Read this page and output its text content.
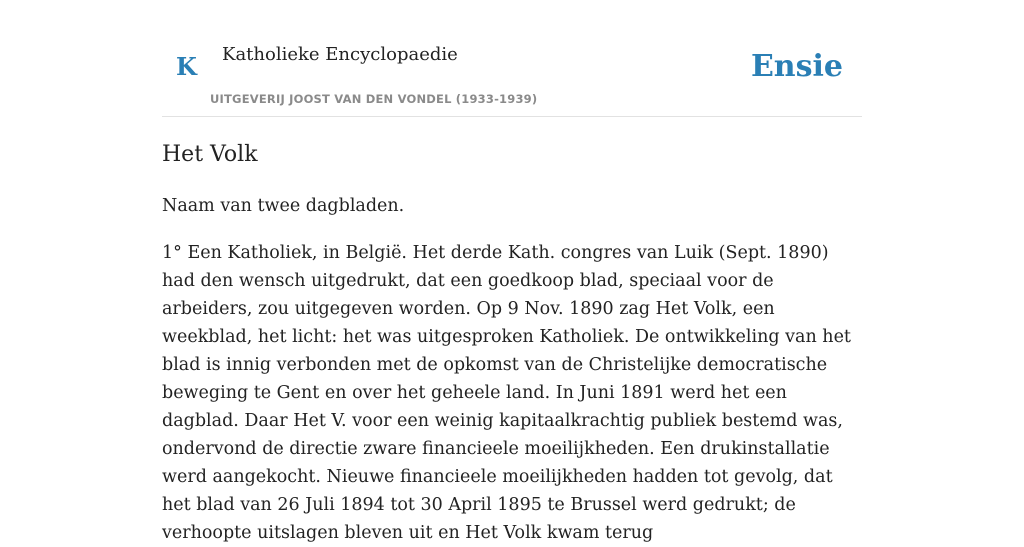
K Katholieke Encyclopaedie
UITGEVERIJ JOOST VAN DEN VONDEL (1933-1939)
Ensie
Het Volk

Naam van twee dagbladen.

1° Een Katholiek, in België. Het derde Kath. congres van Luik (Sept. 1890) had den wensch uitgedrukt, dat een goedkoop blad, speciaal voor de arbeiders, zou uitgegeven worden. Op 9 Nov. 1890 zag Het Volk, een weekblad, het licht: het was uitgesproken Katholiek. De ontwikkeling van het blad is innig verbonden met de opkomst van de Christelijke democratische beweging te Gent en over het geheele land. In Juni 1891 werd het een dagblad. Daar Het V. voor een weinig kapitaalkrachtig publiek bestemd was, ondervond de directie zware financieele moeilijkheden. Een drukinstallatie werd aangekocht. Nieuwe financieele moeilijkheden hadden tot gevolg, dat het blad van 26 Juli 1894 tot 30 April 1895 te Brussel werd gedrukt; de verhoopte uitslagen bleven uit en Het Volk kwam terug
